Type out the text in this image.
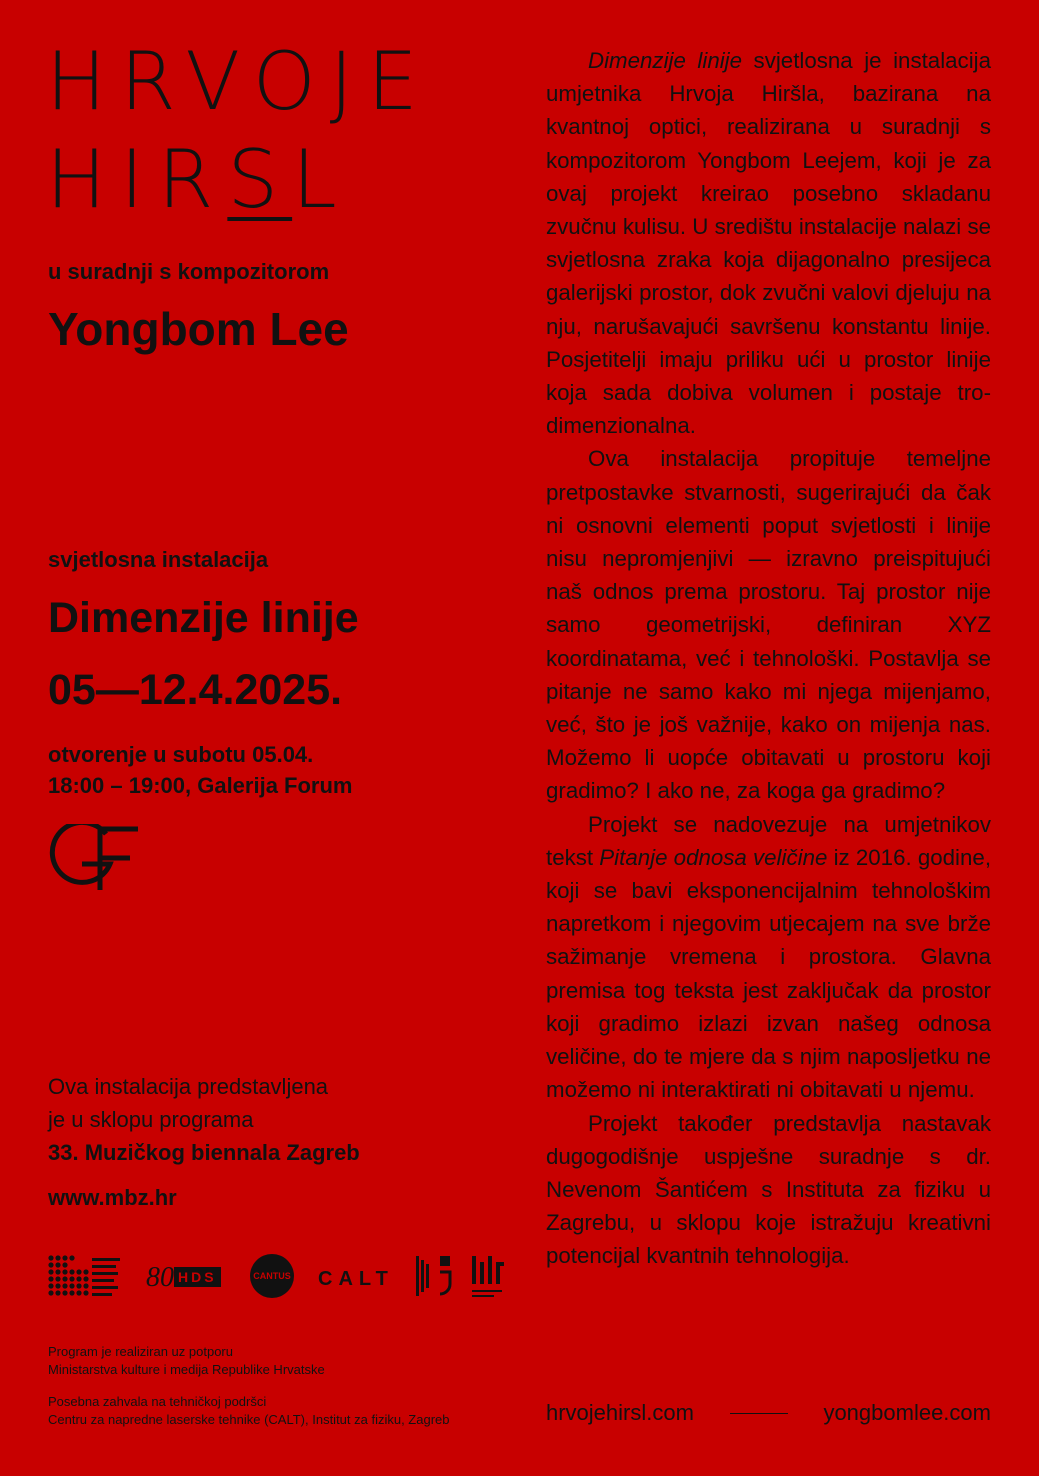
HRVOJE
HIRSL
u suradnji s kompozitorom
Yongbom Lee
svjetlosna instalacija
Dimenzije linije
05—12.4.2025.
otvorenje u subotu 05.04.
18:00 – 19:00, Galerija Forum
Ova instalacija predstavljena
je u sklopu programa
33. Muzičkog biennala Zagreb
www.mbz.hr
80 HDS	CANTUS CALT
Program je realiziran uz potporu
Ministarstva kulture i medija Republike Hrvatske
Posebna zahvala na tehničkoj podršci
Centru za napredne laserske tehnike (CALT), Institut za fiziku, Zagreb

Dimenzije linije svjetlosna je instalacija umjetnika Hrvoja Hiršla, bazirana na kvantnoj optici, realizirana u suradnji s kompozitorom Yongbom Leejem, koji je za ovaj projekt kreirao posebno skladanu zvučnu kulisu. U središtu instalacije nalazi se svjetlosna zraka koja dijagonalno presijeca galerijski prostor, dok zvučni valovi djeluju na nju, narušavajući savršenu konstantu linije. Posjetitelji imaju priliku ući u prostor linije koja sada dobiva volumen i postaje trodimenzionalna.

Ova instalacija propituje temeljne pretpostavke stvarnosti, sugerirajući da čak ni osnovni elementi poput svjetlosti i linije nisu nepromjenjivi — izravno preispitujući naš odnos prema prostoru. Taj prostor nije samo geometrijski, definiran XYZ koordinatama, već i tehnološki. Postavlja se pitanje ne samo kako mi njega mijenjamo, već, što je još važnije, kako on mijenja nas. Možemo li uopće obitavati u prostoru koji gradimo? I ako ne, za koga ga gradimo?

Projekt se nadovezuje na umjetnikov tekst Pitanje odnosa veličine iz 2016. godine, koji se bavi eksponencijalnim tehnološkim napretkom i njegovim utjecajem na sve brže sažimanje vremena i prostora. Glavna premisa tog teksta jest zaključak da prostor koji gradimo izlazi izvan našeg odnosa veličine, do te mjere da s njim naposljetku ne možemo ni interaktirati ni obitavati u njemu.

Projekt također predstavlja nastavak dugogodišnje uspješne suradnje s dr. Nevenom Šantićem s Instituta za fiziku u Zagrebu, u sklopu koje istražuju kreativni potencijal kvantnih tehnologija.

hrvojehirsl.com	yongbomlee.com
